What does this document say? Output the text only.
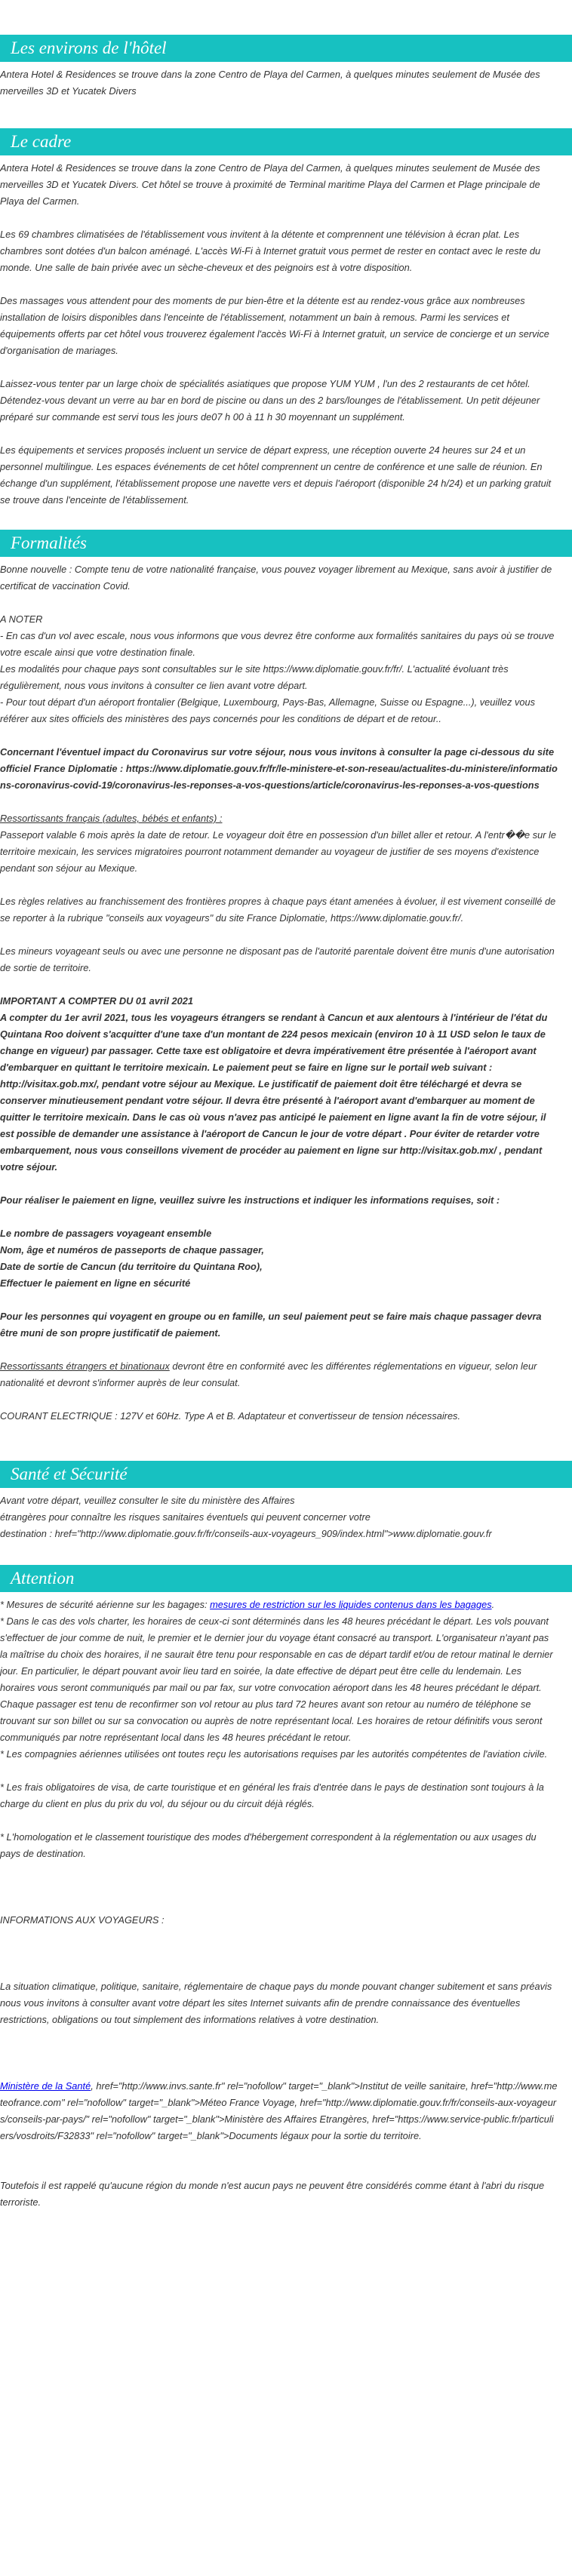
Les environs de l'hôtel

Antera Hotel & Residences se trouve dans la zone Centro de Playa del Carmen, à quelques minutes seulement de Musée des merveilles 3D et Yucatek Divers

Le cadre

Antera Hotel & Residences se trouve dans la zone Centro de Playa del Carmen, à quelques minutes seulement de Musée des merveilles 3D et Yucatek Divers. Cet hôtel se trouve à proximité de Terminal maritime Playa del Carmen et Plage principale de Playa del Carmen.

Les 69 chambres climatisées de l'établissement vous invitent à la détente et comprennent une télévision à écran plat. Les chambres sont dotées d'un balcon aménagé. L'accès Wi-Fi à Internet gratuit vous permet de rester en contact avec le reste du monde. Une salle de bain privée avec un sèche-cheveux et des peignoirs est à votre disposition.

Des massages vous attendent pour des moments de pur bien-être et la détente est au rendez-vous grâce aux nombreuses installation de loisirs disponibles dans l'enceinte de l'établissement, notamment un bain à remous. Parmi les services et équipements offerts par cet hôtel vous trouverez également l'accès Wi-Fi à Internet gratuit, un service de concierge et un service d'organisation de mariages.

Laissez-vous tenter par un large choix de spécialités asiatiques que propose YUM YUM , l'un des 2 restaurants de cet hôtel. Détendez-vous devant un verre au bar en bord de piscine ou dans un des 2 bars/lounges de l'établissement. Un petit déjeuner préparé sur commande est servi tous les jours de07 h 00 à 11 h 30 moyennant un supplément.

Les équipements et services proposés incluent un service de départ express, une réception ouverte 24 heures sur 24 et un personnel multilingue. Les espaces événements de cet hôtel comprennent un centre de conférence et une salle de réunion. En échange d'un supplément, l'établissement propose une navette vers et depuis l'aéroport (disponible 24 h/24) et un parking gratuit se trouve dans l'enceinte de l'établissement.

Formalités

Bonne nouvelle : Compte tenu de votre nationalité française, vous pouvez voyager librement au Mexique, sans avoir à justifier de certificat de vaccination Covid.

A NOTER

- En cas d'un vol avec escale, nous vous informons que vous devrez être conforme aux formalités sanitaires du pays où se trouve votre escale ainsi que votre destination finale.

Les modalités pour chaque pays sont consultables sur le site https://www.diplomatie.gouv.fr/fr/. L'actualité évoluant très régulièrement, nous vous invitons à consulter ce lien avant votre départ.

- Pour tout départ d'un aéroport frontalier (Belgique, Luxembourg, Pays-Bas, Allemagne, Suisse ou Espagne...), veuillez vous référer aux sites officiels des ministères des pays concernés pour les conditions de départ et de retour..

Concernant l'éventuel impact du Coronavirus sur votre séjour, nous vous invitons à consulter la page ci-dessous du site officiel France Diplomatie : https://www.diplomatie.gouv.fr/fr/le-ministere-et-son-reseau/actualites-du-ministere/informations-coronavirus-covid-19/coronavirus-les-reponses-a-vos-questions/article/coronavirus-les-reponses-a-vos-questions

Ressortissants français (adultes, bébés et enfants) :

Passeport valable 6 mois après la date de retour. Le voyageur doit être en possession d'un billet aller et retour. A l'entr��e sur le territoire mexicain, les services migratoires pourront notamment demander au voyageur de justifier de ses moyens d'existence pendant son séjour au Mexique.

Les règles relatives au franchissement des frontières propres à chaque pays étant amenées à évoluer, il est vivement conseillé de se reporter à la rubrique "conseils aux voyageurs" du site France Diplomatie, https://www.diplomatie.gouv.fr/.

Les mineurs voyageant seuls ou avec une personne ne disposant pas de l'autorité parentale doivent être munis d'une autorisation de sortie de territoire.

IMPORTANT A COMPTER DU 01 avril 2021

A compter du 1er avril 2021, tous les voyageurs étrangers se rendant à Cancun et aux alentours à l'intérieur de l'état du Quintana Roo doivent s'acquitter d'une taxe d'un montant de 224 pesos mexicain (environ 10 à 11 USD selon le taux de change en vigueur) par passager. Cette taxe est obligatoire et devra impérativement être présentée à l'aéroport avant d'embarquer en quittant le territoire mexicain. Le paiement peut se faire en ligne sur le portail web suivant : http://visitax.gob.mx/, pendant votre séjour au Mexique. Le justificatif de paiement doit être téléchargé et devra se conserver minutieusement pendant votre séjour. Il devra être présenté à l'aéroport avant d'embarquer au moment de quitter le territoire mexicain. Dans le cas où vous n'avez pas anticipé le paiement en ligne avant la fin de votre séjour, il est possible de demander une assistance à l'aéroport de Cancun le jour de votre départ . Pour éviter de retarder votre embarquement, nous vous conseillons vivement de procéder au paiement en ligne sur http://visitax.gob.mx/ , pendant votre séjour.

Pour réaliser le paiement en ligne, veuillez suivre les instructions et indiquer les informations requises, soit :

Le nombre de passagers voyageant ensemble

Nom, âge et numéros de passeports de chaque passager,

Date de sortie de Cancun (du territoire du Quintana Roo),

Effectuer le paiement en ligne en sécurité

Pour les personnes qui voyagent en groupe ou en famille, un seul paiement peut se faire mais chaque passager devra être muni de son propre justificatif de paiement.

Ressortissants étrangers et binationaux devront être en conformité avec les différentes réglementations en vigueur, selon leur nationalité et devront s'informer auprès de leur consulat.

COURANT ELECTRIQUE : 127V et 60Hz. Type A et B. Adaptateur et convertisseur de tension nécessaires.

Santé et Sécurité

Avant votre départ, veuillez consulter le site du ministère des Affaires

étrangères pour connaître les risques sanitaires éventuels qui peuvent concerner votre

destination : href="http://www.diplomatie.gouv.fr/fr/conseils-aux-voyageurs_909/index.html">www.diplomatie.gouv.fr

Attention

* Mesures de sécurité aérienne sur les bagages: mesures de restriction sur les liquides contenus dans les bagages.

* Dans le cas des vols charter, les horaires de ceux-ci sont déterminés dans les 48 heures précédant le départ. Les vols pouvant s'effectuer de jour comme de nuit, le premier et le dernier jour du voyage étant consacré au transport. L'organisateur n'ayant pas la maîtrise du choix des horaires, il ne saurait être tenu pour responsable en cas de départ tardif et/ou de retour matinal le dernier jour. En particulier, le départ pouvant avoir lieu tard en soirée, la date effective de départ peut être celle du lendemain. Les horaires vous seront communiqués par mail ou par fax, sur votre convocation aéroport dans les 48 heures précédant le départ. Chaque passager est tenu de reconfirmer son vol retour au plus tard 72 heures avant son retour au numéro de téléphone se trouvant sur son billet ou sur sa convocation ou auprès de notre représentant local. Les horaires de retour définitifs vous seront communiqués par notre représentant local dans les 48 heures précédant le retour.

* Les compagnies aériennes utilisées ont toutes reçu les autorisations requises par les autorités compétentes de l'aviation civile.

* Les frais obligatoires de visa, de carte touristique et en général les frais d'entrée dans le pays de destination sont toujours à la charge du client en plus du prix du vol, du séjour ou du circuit déjà réglés.

* L'homologation et le classement touristique des modes d'hébergement correspondent à la réglementation ou aux usages du pays de destination.

INFORMATIONS AUX VOYAGEURS :

La situation climatique, politique, sanitaire, réglementaire de chaque pays du monde pouvant changer subitement et sans préavis

nous vous invitons à consulter avant votre départ les sites Internet suivants afin de prendre connaissance des éventuelles restrictions, obligations ou tout simplement des informations relatives à votre destination.

Ministère de la Santé, href="http://www.invs.sante.fr" rel="nofollow" target="_blank">Institut de veille sanitaire, href="http://www.meteofrance.com" rel="nofollow" target="_blank">Méteo France Voyage, href="http://www.diplomatie.gouv.fr/fr/conseils-aux-voyageurs/conseils-par-pays/" rel="nofollow" target="_blank">Ministère des Affaires Etrangères, href="https://www.service-public.fr/particuliers/vosdroits/F32833" rel="nofollow" target="_blank">Documents légaux pour la sortie du territoire.

Toutefois il est rappelé qu'aucune région du monde n'est aucun pays ne peuvent être considérés comme étant à l'abri du risque terroriste.
